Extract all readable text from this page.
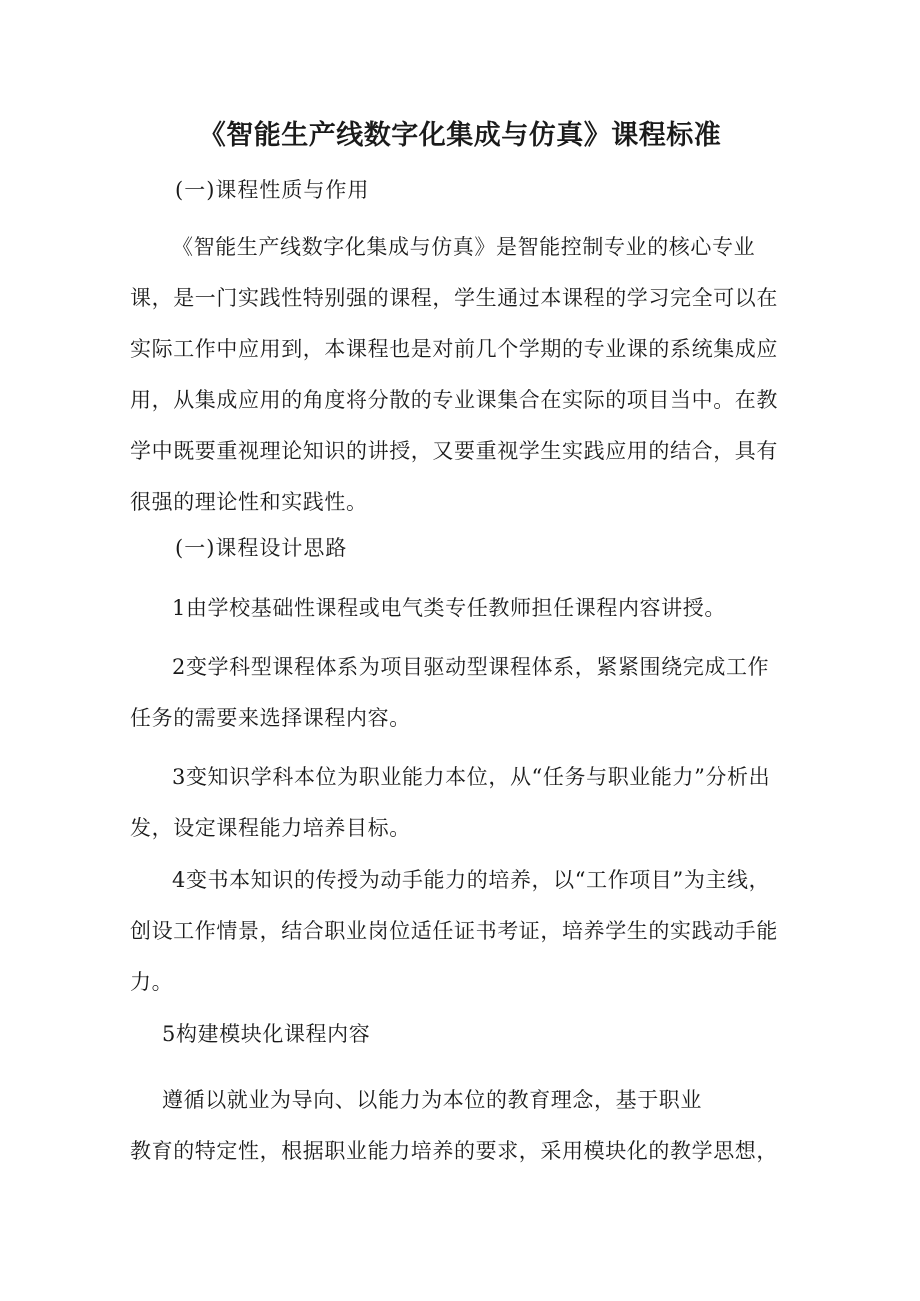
《智能生产线数字化集成与仿真》课程标准
(一)课程性质与作用

《智能生产线数字化集成与仿真》是智能控制专业的核心专业课，是一门实践性特别强的课程，学生通过本课程的学习完全可以在实际工作中应用到，本课程也是对前几个学期的专业课的系统集成应用，从集成应用的角度将分散的专业课集合在实际的项目当中。在教学中既要重视理论知识的讲授，又要重视学生实践应用的结合，具有很强的理论性和实践性。

(一)课程设计思路

1由学校基础性课程或电气类专任教师担任课程内容讲授。

2变学科型课程体系为项目驱动型课程体系，紧紧围绕完成工作任务的需要来选择课程内容。

3变知识学科本位为职业能力本位，从“任务与职业能力”分析出发，设定课程能力培养目标。

4变书本知识的传授为动手能力的培养，以“工作项目”为主线，创设工作情景，结合职业岗位适任证书考证，培养学生的实践动手能力。

5构建模块化课程内容
遵循以就业为导向、以能力为本位的教育理念，基于职业
教育的特定性，根据职业能力培养的要求，采用模块化的教学思想，
